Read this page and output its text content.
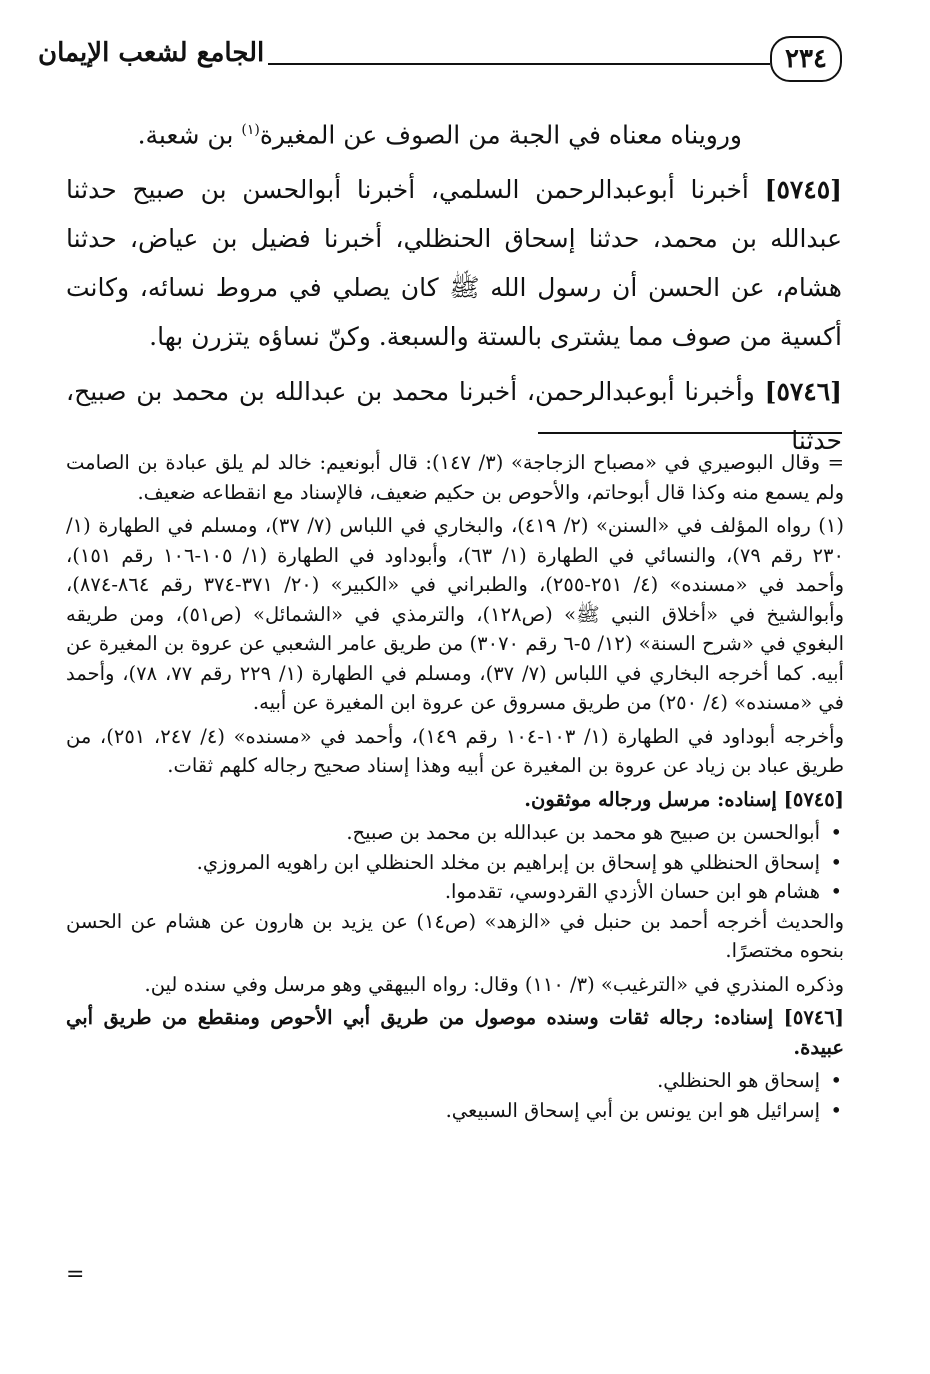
الجامع لشعب الإيمان	٢٣٤

ورويناه معناه في الجبة من الصوف عن المغيرة$^{(١)}$ بن شعبة.

[٥٧٤٥] أخبرنا أبوعبدالرحمن السلمي، أخبرنا أبوالحسن بن صبيح حدثنا عبدالله بن محمد، حدثنا إسحاق الحنظلي، أخبرنا فضيل بن عياض، حدثنا هشام، عن الحسن أن رسول الله ﷺ كان يصلي في مروط نسائه، وكانت أكسية من صوف مما يشترى بالستة والسبعة. وكنّ نساؤه يتزرن بها.

[٥٧٤٦] وأخبرنا أبوعبدالرحمن، أخبرنا محمد بن عبدالله بن محمد بن صبيح، حدثنا

= وقال البوصيري في «مصباح الزجاجة» (٣/ ١٤٧): قال أبونعيم: خالد لم يلق عبادة بن الصامت ولم يسمع منه وكذا قال أبوحاتم، والأحوص بن حكيم ضعيف، فالإسناد مع انقطاعه ضعيف.

(١) رواه المؤلف في «السنن» (٢/ ٤١٩)، والبخاري في اللباس (٧/ ٣٧)، ومسلم في الطهارة (١/ ٢٣٠ رقم ٧٩)، والنسائي في الطهارة (١/ ٦٣)، وأبوداود في الطهارة (١/ ١٠٥-١٠٦ رقم ١٥١)، وأحمد في «مسنده» (٤/ ٢٥١-٢٥٥)، والطبراني في «الكبير» (٢٠/ ٣٧١-٣٧٤ رقم ٨٦٤-٨٧٤)، وأبوالشيخ في «أخلاق النبي ﷺ» (ص١٢٨)، والترمذي في «الشمائل» (ص٥١)، ومن طريقه البغوي في «شرح السنة» (١٢/ ٥-٦ رقم ٣٠٧٠) من طريق عامر الشعبي عن عروة بن المغيرة عن أبيه. كما أخرجه البخاري في اللباس (٧/ ٣٧)، ومسلم في الطهارة (١/ ٢٢٩ رقم ٧٧، ٧٨)، وأحمد في «مسنده» (٤/ ٢٥٠) من طريق مسروق عن عروة ابن المغيرة عن أبيه.

وأخرجه أبوداود في الطهارة (١/ ١٠٣-١٠٤ رقم ١٤٩)، وأحمد في «مسنده» (٤/ ٢٤٧، ٢٥١)، من طريق عباد بن زياد عن عروة بن المغيرة عن أبيه وهذا إسناد صحيح رجاله كلهم ثقات.

[٥٧٤٥] إسناده: مرسل ورجاله موثقون.

• أبوالحسن بن صبيح هو محمد بن عبدالله بن محمد بن صبيح.
• إسحاق الحنظلي هو إسحاق بن إبراهيم بن مخلد الحنظلي ابن راهويه المروزي.
• هشام هو ابن حسان الأزدي القردوسي، تقدموا.

والحديث أخرجه أحمد بن حنبل في «الزهد» (ص١٤) عن يزيد بن هارون عن هشام عن الحسن بنحوه مختصرًا.

وذكره المنذري في «الترغيب» (٣/ ١١٠) وقال: رواه البيهقي وهو مرسل وفي سنده لين.

[٥٧٤٦] إسناده: رجاله ثقات وسنده موصول من طريق أبي الأحوص ومنقطع من طريق أبي عبيدة.

• إسحاق هو الحنظلي.
• إسرائيل هو ابن يونس بن أبي إسحاق السبيعي.
=
